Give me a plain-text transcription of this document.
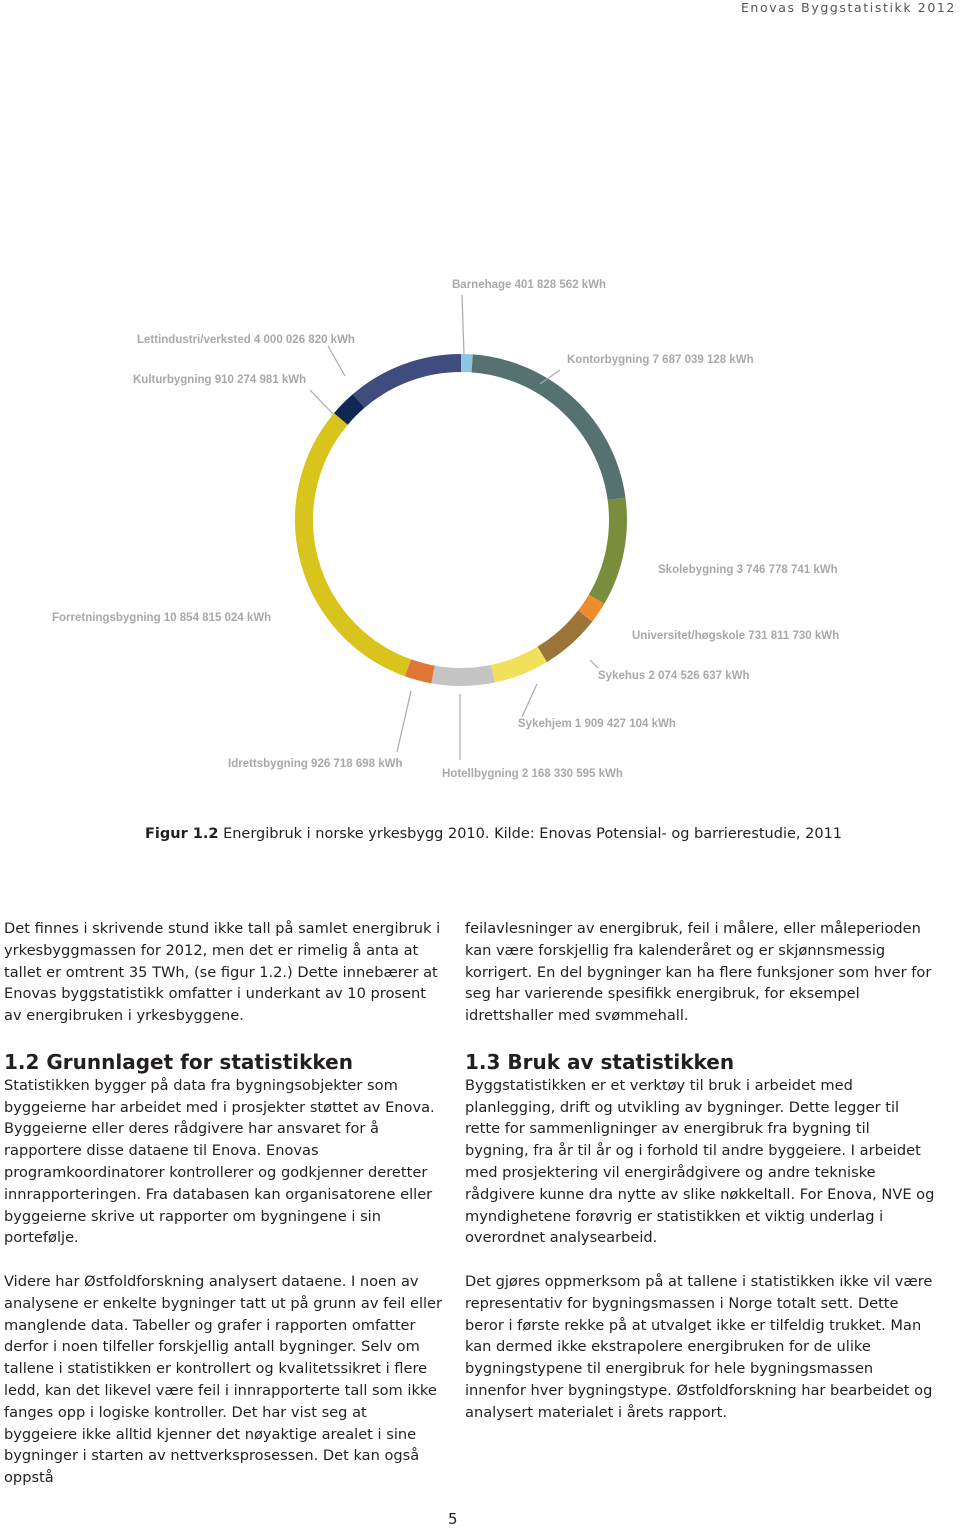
Enovas Byggstatistikk 2012
Barnehage 401 828 562 kWh
Kontorbygning 7 687 039 128 kWh
Skolebygning 3 746 778 741 kWh
Universitet/høgskole 731 811 730 kWh
Sykehus 2 074 526 637 kWh
Sykehjem 1 909 427 104 kWh
Hotellbygning 2 168 330 595 kWh
Idrettsbygning 926 718 698 kWh
Forretningsbygning 10 854 815 024 kWh
Kulturbygning 910 274 981 kWh
Lettindustri/verksted 4 000 026 820 kWh
Figur 1.2 Energibruk i norske yrkesbygg 2010. Kilde: Enovas Potensial- og barrierestudie, 2011

Det finnes i skrivende stund ikke tall på samlet energibruk i yrkesbyggmassen for 2012, men det er rimelig å anta at tallet er omtrent 35 TWh, (se figur 1.2.) Dette innebærer at Enovas byggstatistikk omfatter i underkant av 10 prosent av energibruken i yrkesbyggene.

1.2 Grunnlaget for statistikken

Statistikken bygger på data fra bygningsobjekter som byggeierne har arbeidet med i prosjekter støttet av Enova. Byggeierne eller deres rådgivere har ansvaret for å rapportere disse dataene til Enova. Enovas programkoordinatorer kontrollerer og godkjenner deretter innrapporteringen. Fra databasen kan organisatorene eller byggeierne skrive ut rapporter om bygningene i sin portefølje.

Videre har Østfoldforskning analysert dataene. I noen av analysene er enkelte bygninger tatt ut på grunn av feil eller manglende data. Tabeller og grafer i rapporten omfatter derfor i noen tilfeller forskjellig antall bygninger. Selv om tallene i statistikken er kontrollert og kvalitetssikret i flere ledd, kan det likevel være feil i innrapporterte tall som ikke fanges opp i logiske kontroller. Det har vist seg at byggeiere ikke alltid kjenner det nøyaktige arealet i sine bygninger i starten av nettverksprosessen. Det kan også oppstå

feilavlesninger av energibruk, feil i målere, eller måleperioden kan være forskjellig fra kalenderåret og er skjønnsmessig korrigert. En del bygninger kan ha flere funksjoner som hver for seg har varierende spesifikk energibruk, for eksempel idrettshaller med svømmehall.

1.3 Bruk av statistikken

Byggstatistikken er et verktøy til bruk i arbeidet med planlegging, drift og utvikling av bygninger. Dette legger til rette for sammenligninger av energibruk fra bygning til bygning, fra år til år og i forhold til andre byggeiere. I arbeidet med prosjektering vil energirådgivere og andre tekniske rådgivere kunne dra nytte av slike nøkkeltall. For Enova, NVE og myndighetene forøvrig er statistikken et viktig underlag i overordnet analysearbeid.

Det gjøres oppmerksom på at tallene i statistikken ikke vil være representativ for bygningsmassen i Norge totalt sett. Dette beror i første rekke på at utvalget ikke er tilfeldig trukket. Man kan dermed ikke ekstrapolere energibruken for de ulike bygningstypene til energibruk for hele bygningsmassen innenfor hver bygningstype. Østfoldforskning har bearbeidet og analysert materialet i årets rapport.

5
